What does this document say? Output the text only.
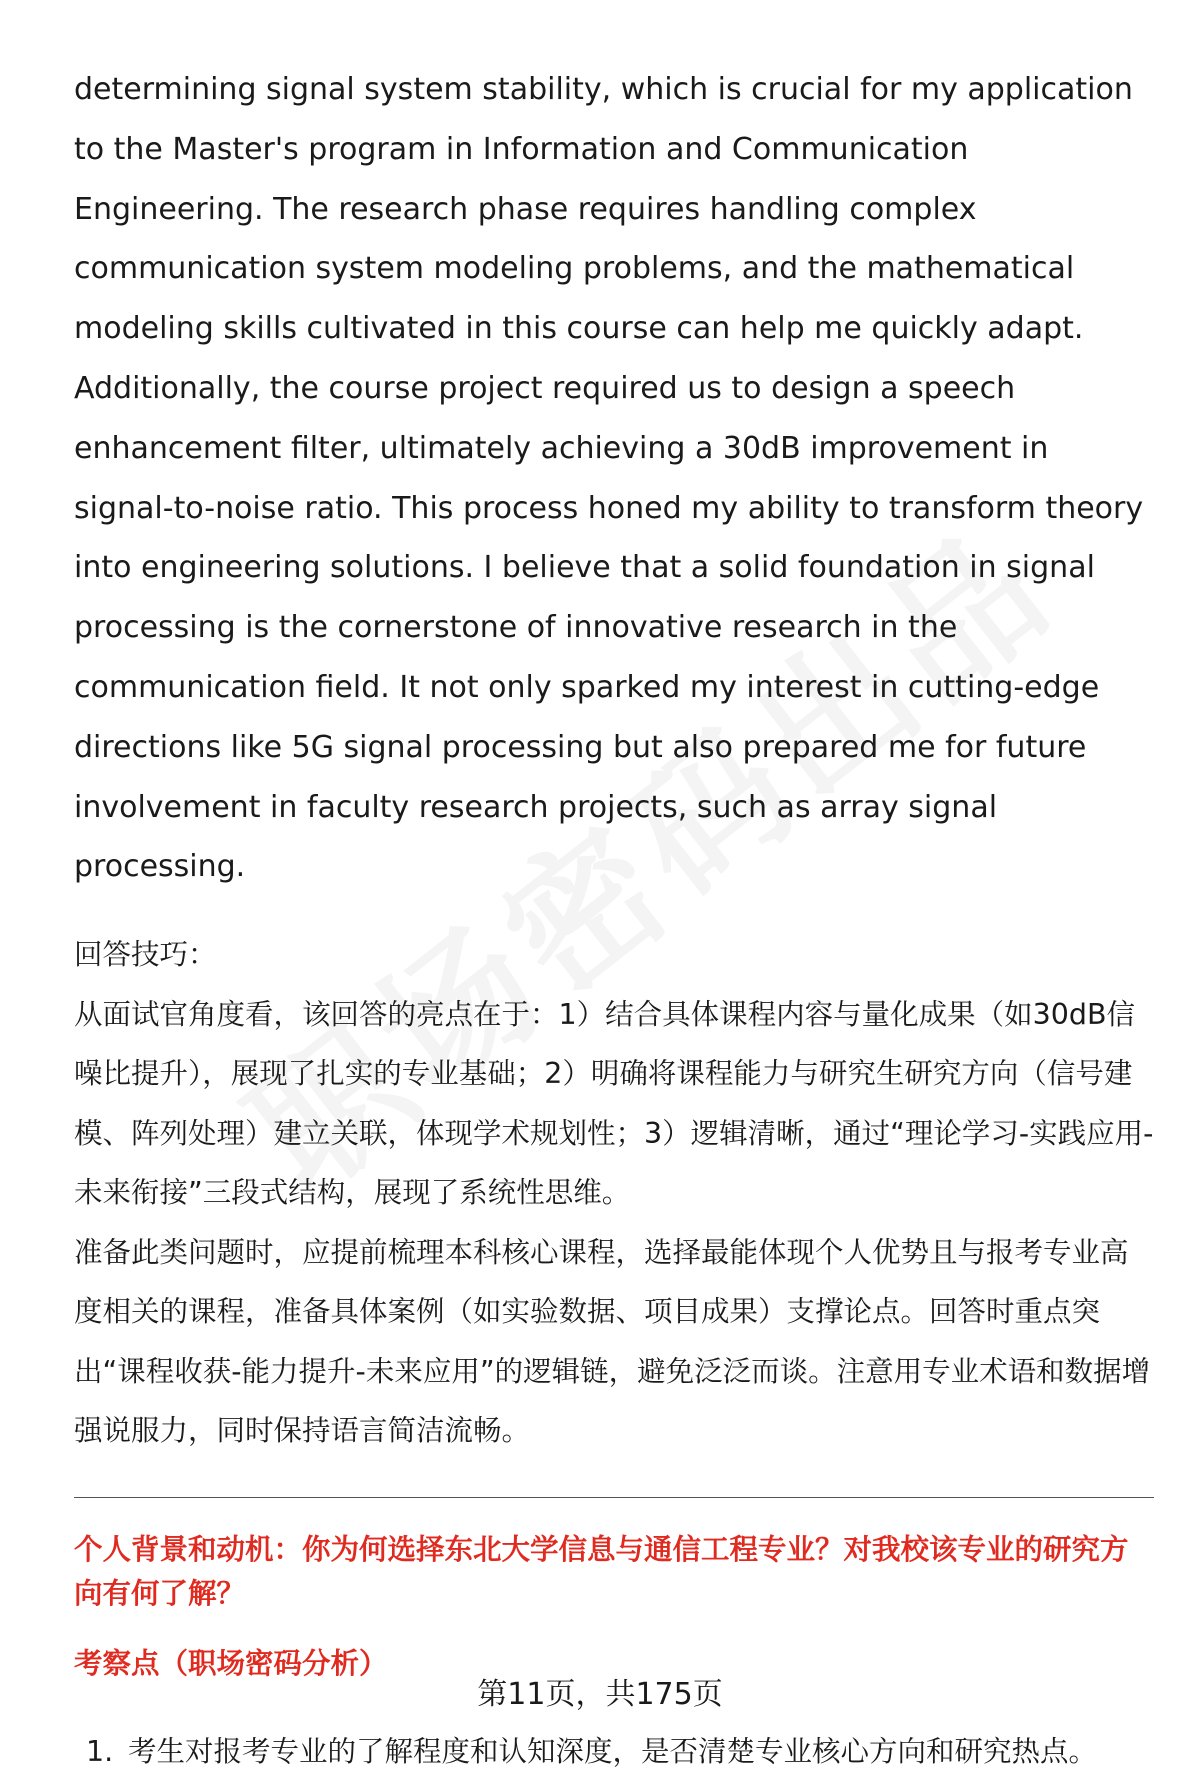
determining signal system stability, which is crucial for my application to the Master's program in Information and Communication Engineering. The research phase requires handling complex communication system modeling problems, and the mathematical modeling skills cultivated in this course can help me quickly adapt. Additionally, the course project required us to design a speech enhancement filter, ultimately achieving a 30dB improvement in signal-to-noise ratio. This process honed my ability to transform theory into engineering solutions. I believe that a solid foundation in signal processing is the cornerstone of innovative research in the communication field. It not only sparked my interest in cutting-edge directions like 5G signal processing but also prepared me for future involvement in faculty research projects, such as array signal processing.

回答技巧：

从面试官角度看，该回答的亮点在于：1）结合具体课程内容与量化成果（如30dB信噪比提升），展现了扎实的专业基础；2）明确将课程能力与研究生研究方向（信号建模、阵列处理）建立关联，体现学术规划性；3）逻辑清晰，通过“理论学习-实践应用-未来衔接”三段式结构，展现了系统性思维。

准备此类问题时，应提前梳理本科核心课程，选择最能体现个人优势且与报考专业高度相关的课程，准备具体案例（如实验数据、项目成果）支撑论点。回答时重点突出“课程收获-能力提升-未来应用”的逻辑链，避免泛泛而谈。注意用专业术语和数据增强说服力，同时保持语言简洁流畅。

个人背景和动机：你为何选择东北大学信息与通信工程专业？对我校该专业的研究方向有何了解？

考察点（职场密码分析）

1. 考生对报考专业的了解程度和认知深度，是否清楚专业核心方向和研究热点。
第11页，共175页
